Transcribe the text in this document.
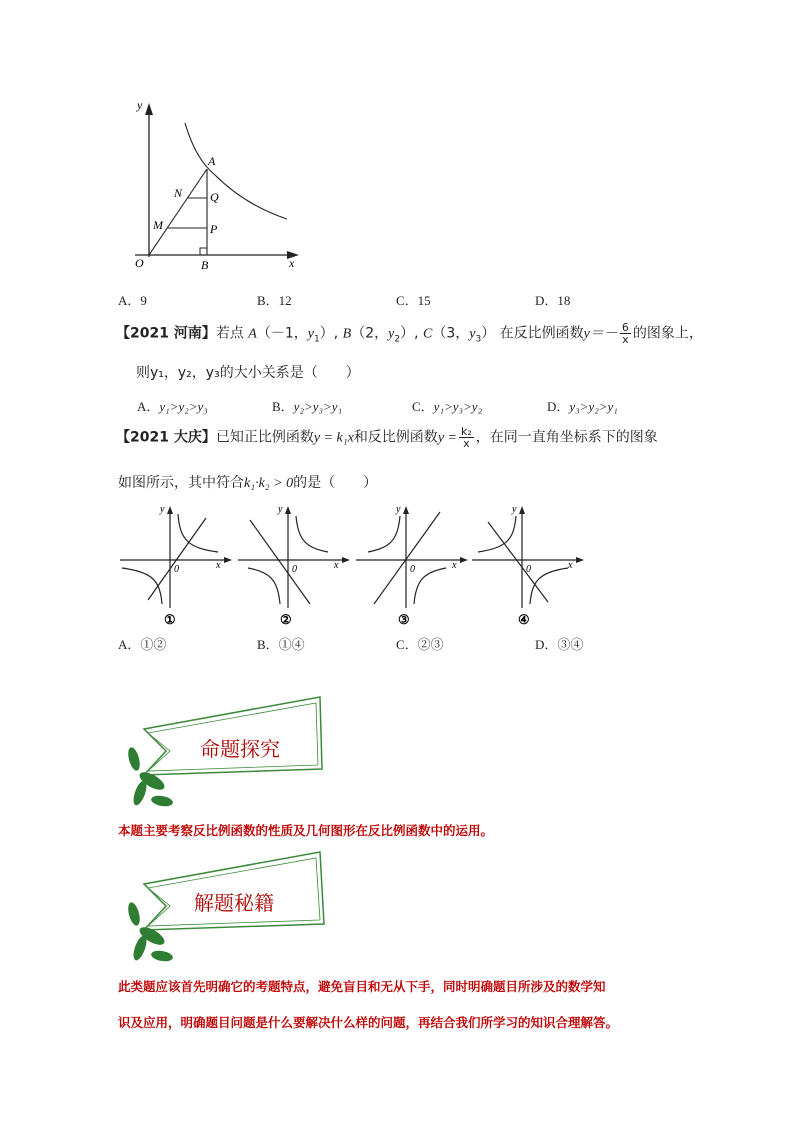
y
x
A
N Q
M	P
O	B
A．9	B．12	C．15	D．18
【2021 河南】若点 A（－1，$y_1$）, B（2，$y_2$）, C（3，$y_3$） 在反比例函数$y=- \frac{6}{x}$ 的图象上，
则y₁，y₂，y₃的大小关系是（　　）
A．y₁>y₂>y₃	B．y₂>y₃>y₁	C．y₁>y₃>y₂	D．y₃>y₂>y₁
【2021 大庆】已知正比例函数y = k₁x和反比例函数$y = \frac{\text{k₂}}{x}$ ，在同一直角坐标系下的图象
如图所示，其中符合k₁·k₂ > 0的是（　　）
y
0	x
①
y
0	x
②
y
0	x
③
y
0	x
④
A．①②	B．①④	C．②③	D．③④
命题探究
本题主要考察反比例函数的性质及几何图形在反比例函数中的运用。
解题秘籍
此类题应该首先明确它的考题特点，避免盲目和无从下手，同时明确题目所涉及的数学知
识及应用，明确题目问题是什么要解决什么样的问题，再结合我们所学习的知识合理解答。
